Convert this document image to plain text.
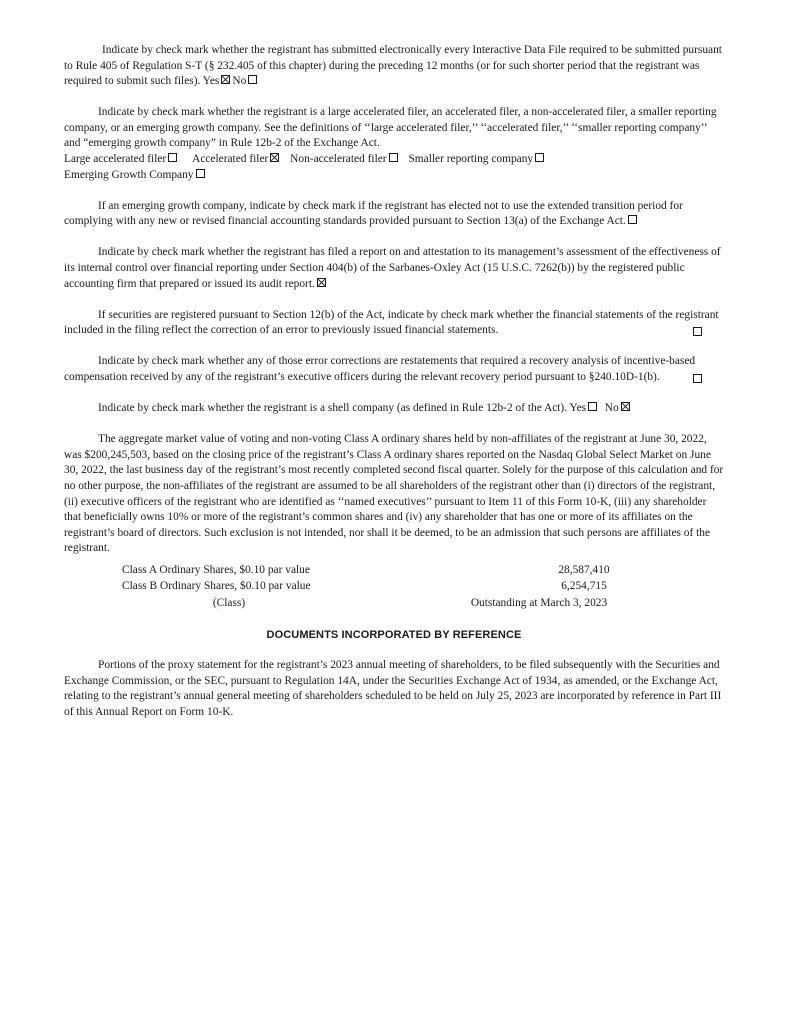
Indicate by check mark whether the registrant has submitted electronically every Interactive Data File required to be submitted pursuant to Rule 405 of Regulation S-T (§ 232.405 of this chapter) during the preceding 12 months (or for such shorter period that the registrant was required to submit such files). Yes No

Indicate by check mark whether the registrant is a large accelerated filer, an accelerated filer, a non-accelerated filer, a smaller reporting company, or an emerging growth company. See the definitions of ‘‘large accelerated filer,’’ ‘‘accelerated filer,’’ ‘‘smaller reporting company’’ and “emerging growth company” in Rule 12b-2 of the Exchange Act.

Large accelerated filer Accelerated filer Non-accelerated filer Smaller reporting company
Emerging Growth Company

If an emerging growth company, indicate by check mark if the registrant has elected not to use the extended transition period for complying with any new or revised financial accounting standards provided pursuant to Section 13(a) of the Exchange Act.

Indicate by check mark whether the registrant has filed a report on and attestation to its management’s assessment of the effectiveness of its internal control over financial reporting under Section 404(b) of the Sarbanes-Oxley Act (15 U.S.C. 7262(b)) by the registered public accounting firm that prepared or issued its audit report.

If securities are registered pursuant to Section 12(b) of the Act, indicate by check mark whether the financial statements of the registrant included in the filing reflect the correction of an error to previously issued financial statements.

Indicate by check mark whether any of those error corrections are restatements that required a recovery analysis of incentive-based compensation received by any of the registrant’s executive officers during the relevant recovery period pursuant to §240.10D-1(b).

Indicate by check mark whether the registrant is a shell company (as defined in Rule 12b-2 of the Act). Yes No

The aggregate market value of voting and non-voting Class A ordinary shares held by non-affiliates of the registrant at June 30, 2022, was $200,245,503, based on the closing price of the registrant’s Class A ordinary shares reported on the Nasdaq Global Select Market on June 30, 2022, the last business day of the registrant’s most recently completed second fiscal quarter. Solely for the purpose of this calculation and for no other purpose, the non-affiliates of the registrant are assumed to be all shareholders of the registrant other than (i) directors of the registrant, (ii) executive officers of the registrant who are identified as ‘‘named executives’’ pursuant to Item 11 of this Form 10-K, (iii) any shareholder that beneficially owns 10% or more of the registrant’s common shares and (iv) any shareholder that has one or more of its affiliates on the registrant’s board of directors. Such exclusion is not intended, nor shall it be deemed, to be an admission that such persons are affiliates of the registrant.

Class A Ordinary Shares, $0.10 par value	28,587,410
Class B Ordinary Shares, $0.10 par value	6,254,715
(Class)	Outstanding at March 3, 2023
DOCUMENTS INCORPORATED BY REFERENCE

Portions of the proxy statement for the registrant’s 2023 annual meeting of shareholders, to be filed subsequently with the Securities and Exchange Commission, or the SEC, pursuant to Regulation 14A, under the Securities Exchange Act of 1934, as amended, or the Exchange Act, relating to the registrant’s annual general meeting of shareholders scheduled to be held on July 25, 2023 are incorporated by reference in Part III of this Annual Report on Form 10-K.
